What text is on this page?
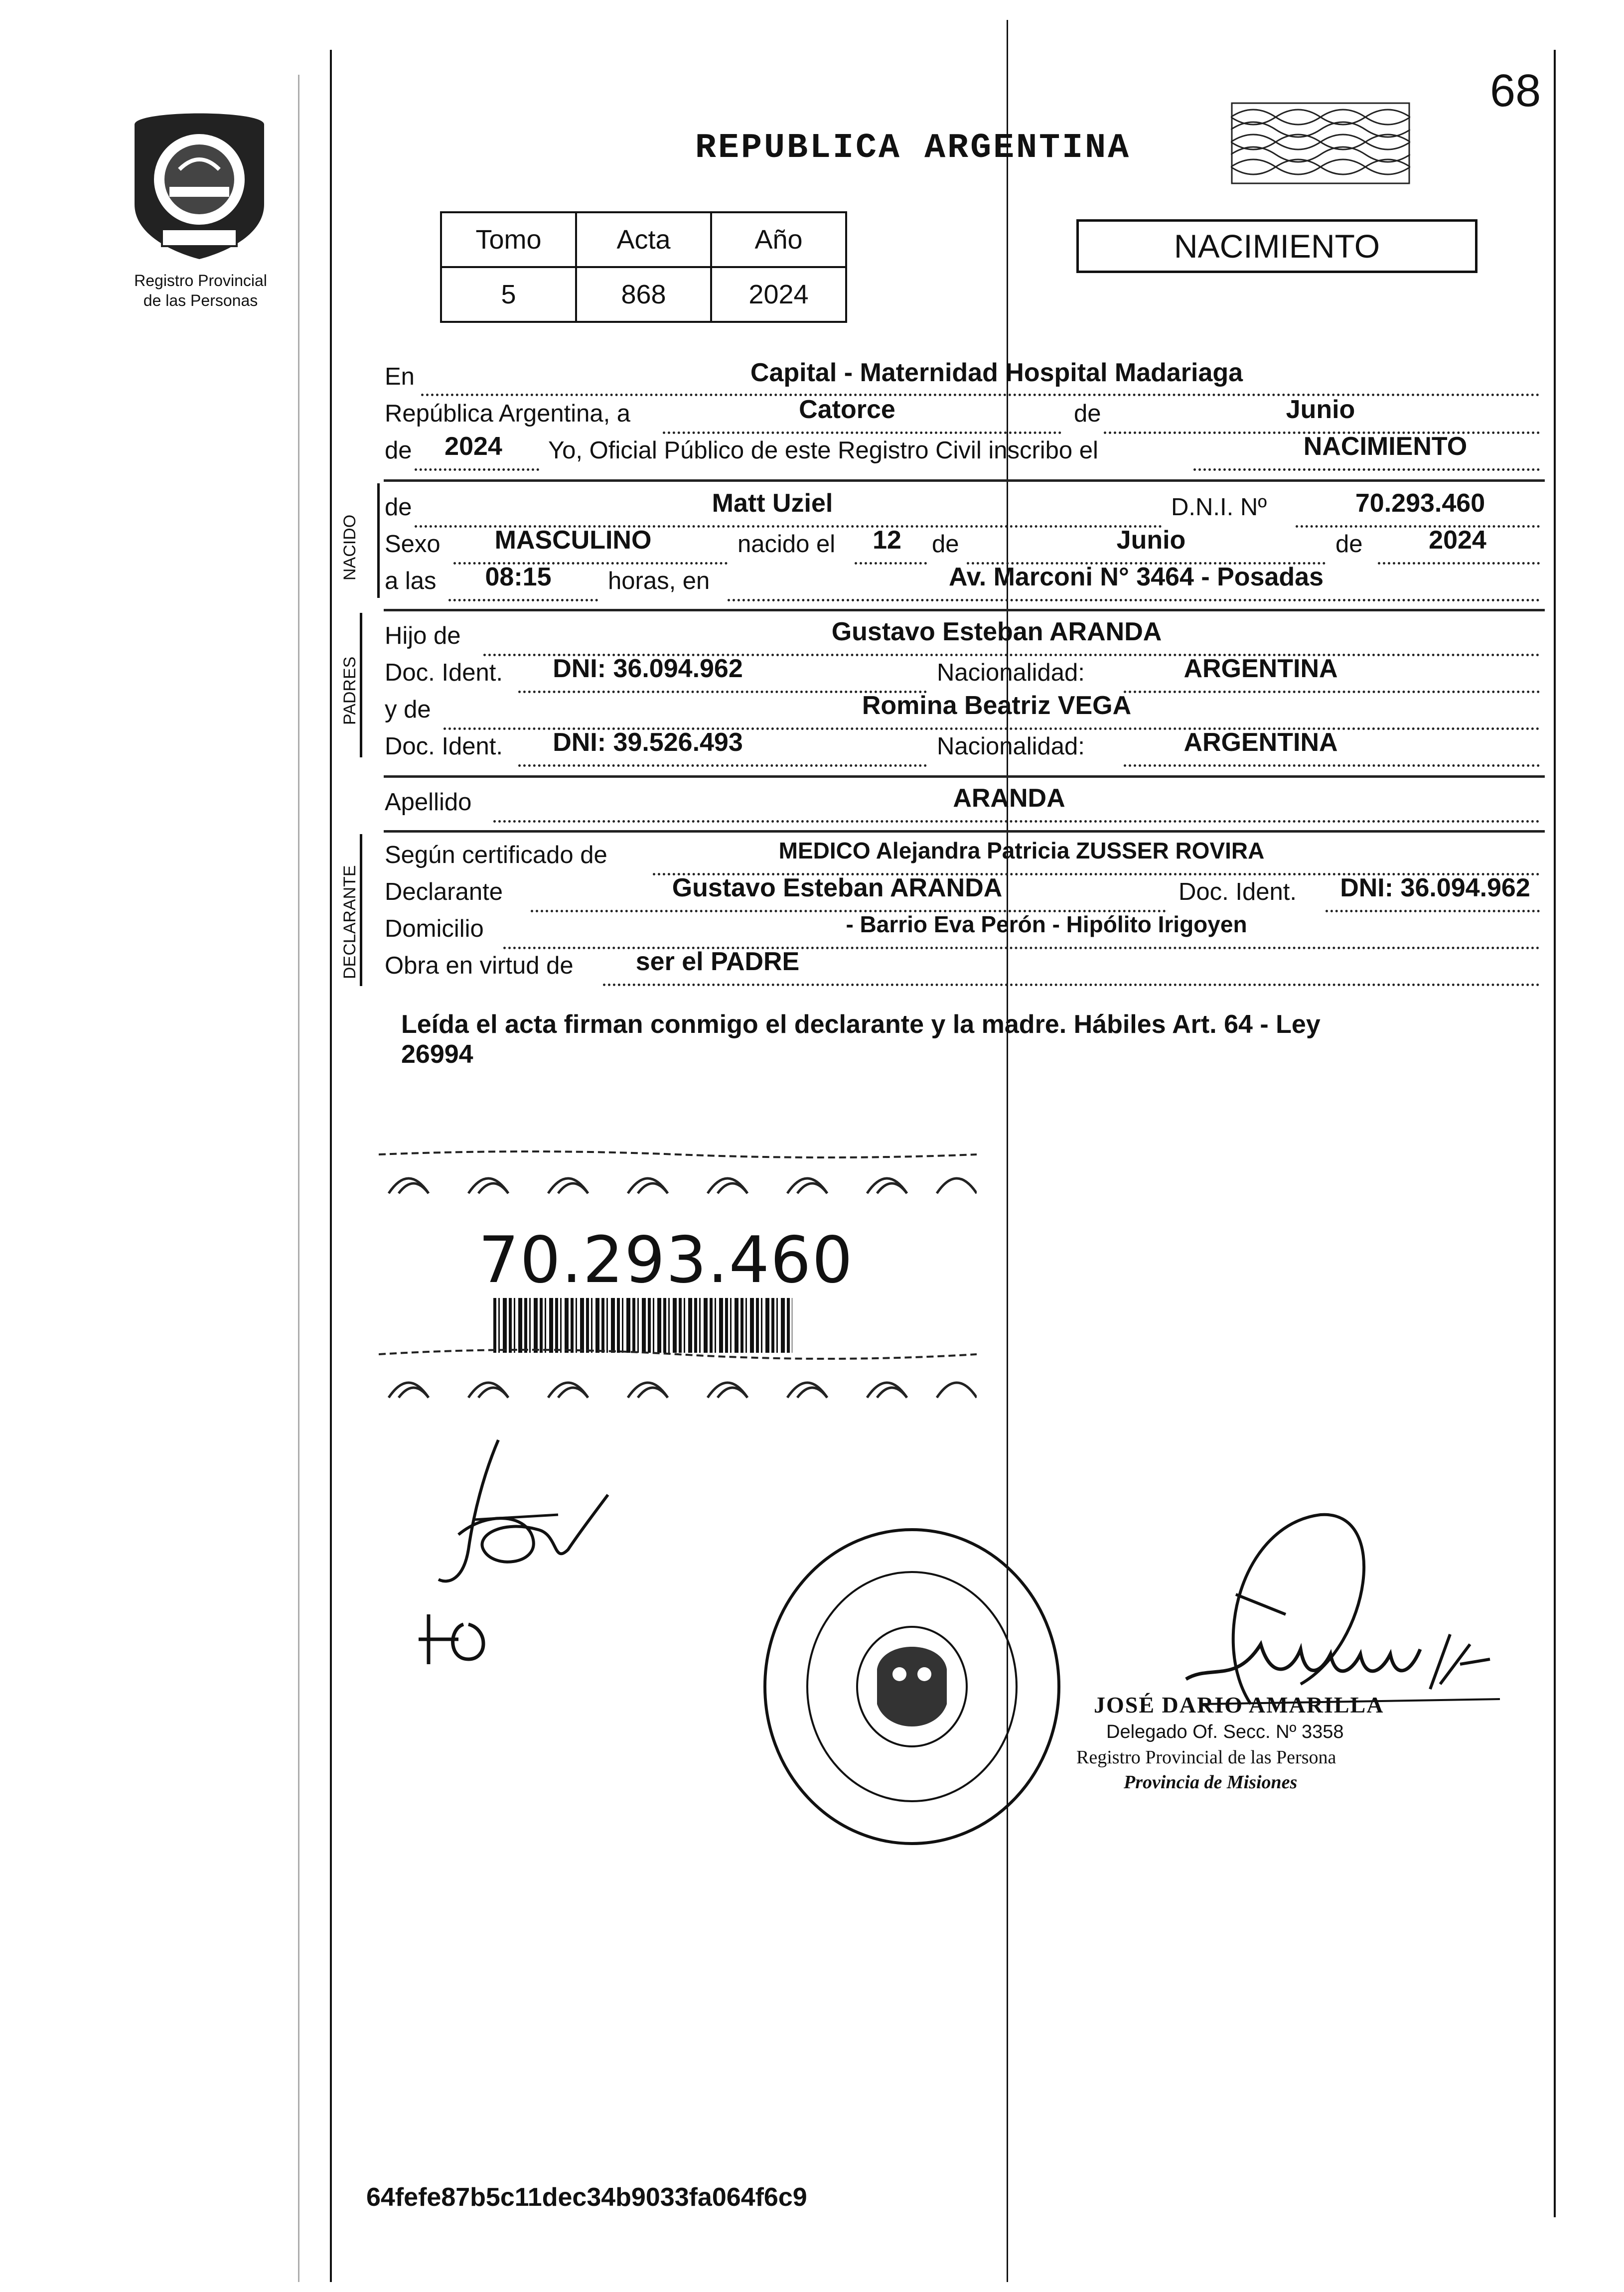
68
Registro Provincial
de las Personas
REPUBLICA ARGENTINA
Tomo	Acta	Año
5	868	2024
NACIMIENTO
En	Capital - Maternidad Hospital Madariaga
República Argentina, a	Catorce	de	Junio
de	2024	Yo, Oficial Público de este Registro Civil inscribo el	NACIMIENTO
NACIDO
de	Matt Uziel	D.N.I. Nº	70.293.460
Sexo	MASCULINO	nacido el	12	de	Junio	de	2024
a las	08:15	horas, en	Av. Marconi N° 3464 - Posadas
PADRES
Hijo de	Gustavo Esteban ARANDA
Doc. Ident.	DNI: 36.094.962	Nacionalidad:	ARGENTINA
y de	Romina Beatriz VEGA
Doc. Ident.	DNI: 39.526.493	Nacionalidad:	ARGENTINA
Apellido	ARANDA
DECLARANTE
Según certificado de	MEDICO Alejandra Patricia ZUSSER ROVIRA
Declarante	Gustavo Esteban ARANDA	Doc. Ident.	DNI: 36.094.962
Domicilio	- Barrio Eva Perón - Hipólito Irigoyen
Obra en virtud de	ser el PADRE
Leída el acta firman conmigo el declarante y la madre. Hábiles Art. 64 - Ley
26994
70.293.460
JOSÉ DARIO AMARILLA
Delegado Of. Secc. Nº 3358
Registro Provincial de las Persona
Provincia de Misiones
64fefe87b5c11dec34b9033fa064f6c9
